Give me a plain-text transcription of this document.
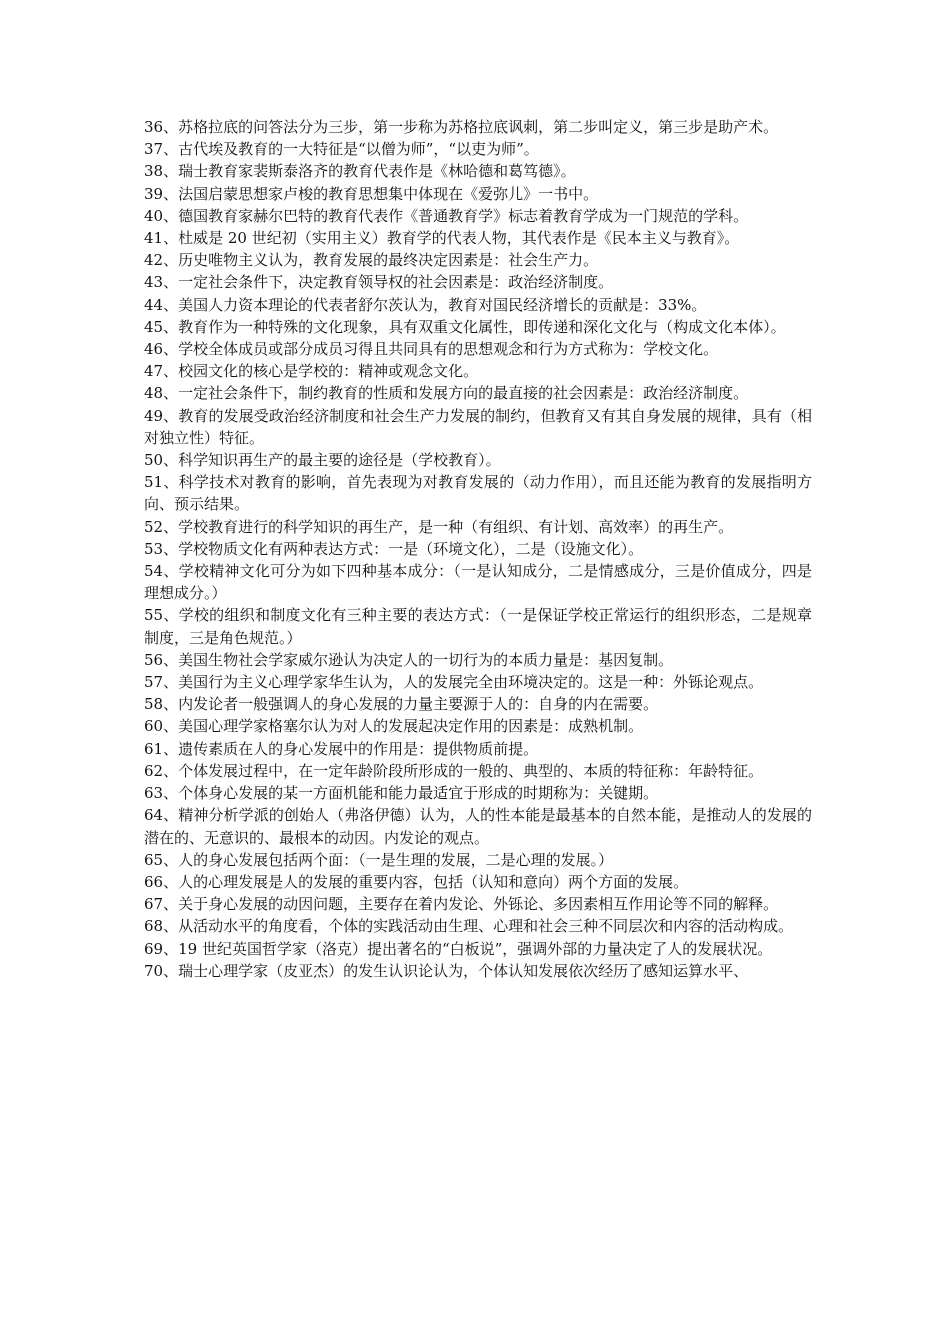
36、苏格拉底的问答法分为三步，第一步称为苏格拉底讽刺，第二步叫定义，第三步是助产术。

37、古代埃及教育的一大特征是“以僧为师”，“以吏为师”。

38、瑞士教育家裴斯泰洛齐的教育代表作是《林哈德和葛笃德》。

39、法国启蒙思想家卢梭的教育思想集中体现在《爱弥儿》一书中。

40、德国教育家赫尔巴特的教育代表作《普通教育学》标志着教育学成为一门规范的学科。

41、杜威是 20 世纪初（实用主义）教育学的代表人物，其代表作是《民本主义与教育》。

42、历史唯物主义认为，教育发展的最终决定因素是：社会生产力。

43、一定社会条件下，决定教育领导权的社会因素是：政治经济制度。

44、美国人力资本理论的代表者舒尔茨认为，教育对国民经济增长的贡献是：33%。

45、教育作为一种特殊的文化现象，具有双重文化属性，即传递和深化文化与（构成文化本体）。

46、学校全体成员或部分成员习得且共同具有的思想观念和行为方式称为：学校文化。

47、校园文化的核心是学校的：精神或观念文化。

48、一定社会条件下，制约教育的性质和发展方向的最直接的社会因素是：政治经济制度。

49、教育的发展受政治经济制度和社会生产力发展的制约，但教育又有其自身发展的规律，具有（相对独立性）特征。

50、科学知识再生产的最主要的途径是（学校教育）。

51、科学技术对教育的影响，首先表现为对教育发展的（动力作用），而且还能为教育的发展指明方向、预示结果。

52、学校教育进行的科学知识的再生产，是一种（有组织、有计划、高效率）的再生产。

53、学校物质文化有两种表达方式：一是（环境文化），二是（设施文化）。

54、学校精神文化可分为如下四种基本成分：（一是认知成分，二是情感成分，三是价值成分，四是理想成分。）

55、学校的组织和制度文化有三种主要的表达方式：（一是保证学校正常运行的组织形态，二是规章制度，三是角色规范。）

56、美国生物社会学家威尔逊认为决定人的一切行为的本质力量是：基因复制。

57、美国行为主义心理学家华生认为，人的发展完全由环境决定的。这是一种：外铄论观点。

58、内发论者一般强调人的身心发展的力量主要源于人的：自身的内在需要。

60、美国心理学家格塞尔认为对人的发展起决定作用的因素是：成熟机制。

61、遗传素质在人的身心发展中的作用是：提供物质前提。

62、个体发展过程中，在一定年龄阶段所形成的一般的、典型的、本质的特征称：年龄特征。

63、个体身心发展的某一方面机能和能力最适宜于形成的时期称为：关键期。

64、精神分析学派的创始人（弗洛伊德）认为，人的性本能是最基本的自然本能，是推动人的发展的潜在的、无意识的、最根本的动因。内发论的观点。

65、人的身心发展包括两个面：（一是生理的发展，二是心理的发展。）

66、人的心理发展是人的发展的重要内容，包括（认知和意向）两个方面的发展。

67、关于身心发展的动因问题，主要存在着内发论、外铄论、多因素相互作用论等不同的解释。

68、从活动水平的角度看，个体的实践活动由生理、心理和社会三种不同层次和内容的活动构成。

69、19 世纪英国哲学家（洛克）提出著名的“白板说”，强调外部的力量决定了人的发展状况。

70、瑞士心理学家（皮亚杰）的发生认识论认为，个体认知发展依次经历了感知运算水平、
